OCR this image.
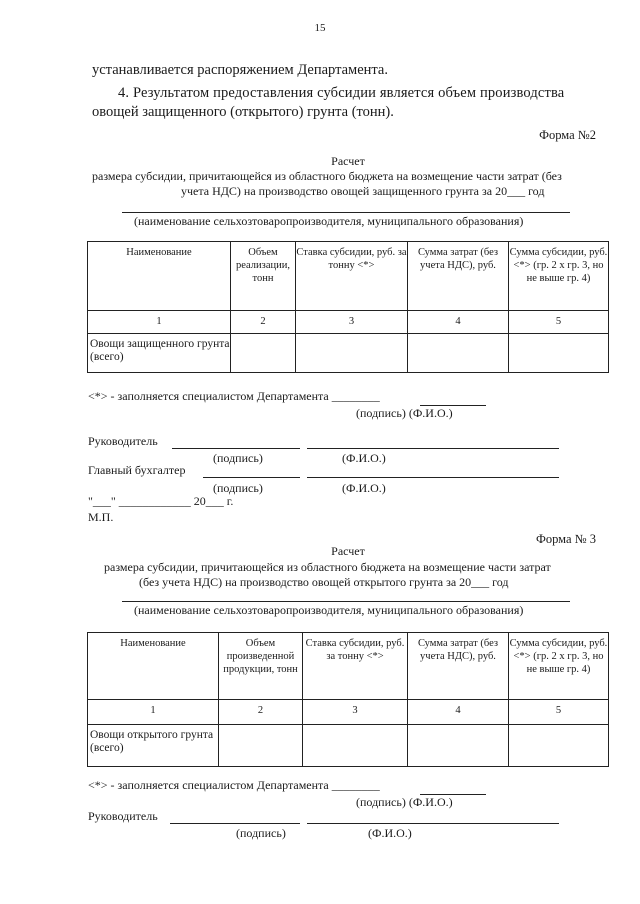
15
устанавливается распоряжением Департамента.
4. Результатом предоставления субсидии является объем производства
овощей защищенного (открытого) грунта (тонн).
Форма №2
Расчет
размера субсидии, причитающейся из областного бюджета на возмещение части затрат (без
учета НДС) на производство овощей защищенного грунта за 20___ год
(наименование сельхозтоваропроизводителя, муниципального образования)
Наименование	Объем реализации, тонн	Ставка субсидии, руб. за тонну <*>	Сумма затрат (без учета НДС), руб.	Сумма субсидии, руб. <*> (гр. 2 х гр. 3, но не выше гр. 4)
1	2	3	4	5
Овощи защищенного грунта (всего)				
<*> - заполняется специалистом Департамента ________
(подпись) (Ф.И.О.)
Руководитель
(подпись)	(Ф.И.О.)
Главный бухгалтер
(подпись)	(Ф.И.О.)
"___" ____________ 20___ г.
М.П.
Форма № 3
Расчет
размера субсидии, причитающейся из областного бюджета на возмещение части затрат
(без учета НДС) на производство овощей открытого грунта за 20___ год
(наименование сельхозтоваропроизводителя, муниципального образования)
Наименование	Объем произведенной продукции, тонн	Ставка субсидии, руб. за тонну <*>	Сумма затрат (без учета НДС), руб.	Сумма субсидии, руб. <*> (гр. 2 х гр. 3, но не выше гр. 4)
1	2	3	4	5
Овощи открытого грунта (всего)				
<*> - заполняется специалистом Департамента ________
(подпись) (Ф.И.О.)
Руководитель
(подпись)	(Ф.И.О.)
